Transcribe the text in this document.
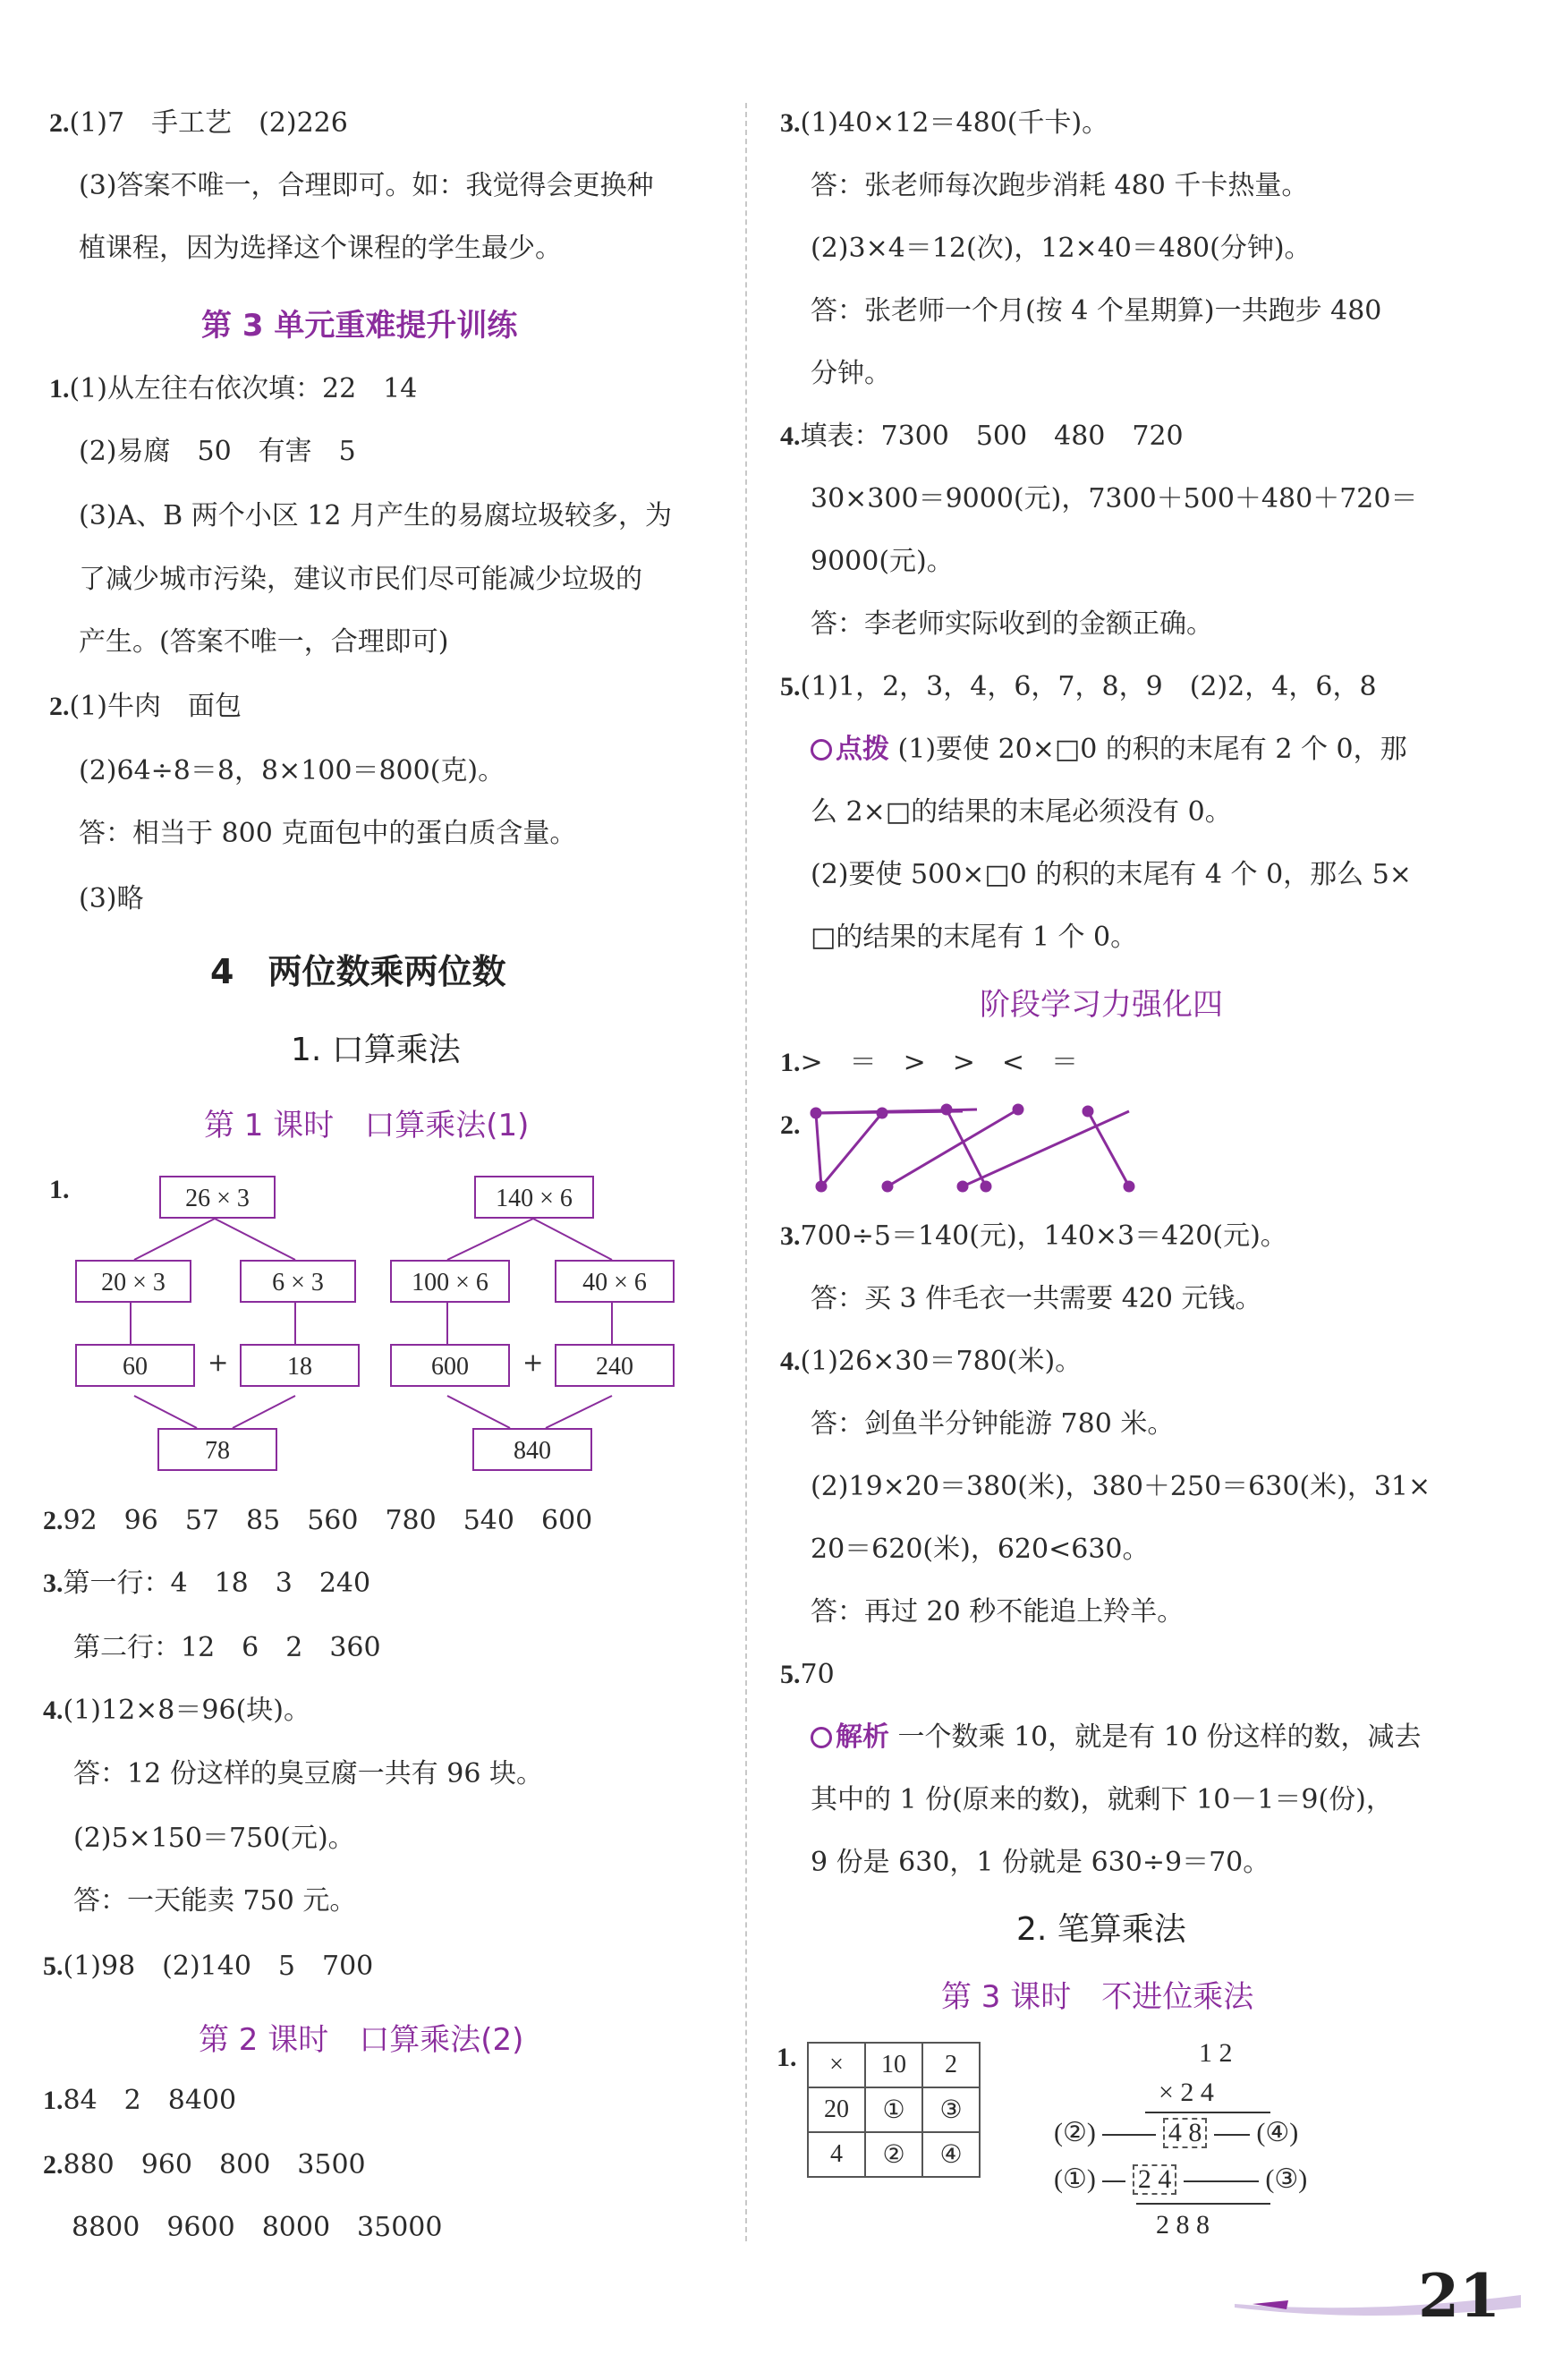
2.(1)7　手工艺　(2)226
(3)答案不唯一，合理即可。如：我觉得会更换种
植课程，因为选择这个课程的学生最少。
第 3 单元重难提升训练
1.(1)从左往右依次填：22　14
(2)易腐　50　有害　5
(3)A、B 两个小区 12 月产生的易腐垃圾较多，为
了减少城市污染，建议市民们尽可能减少垃圾的
产生。(答案不唯一，合理即可)
2.(1)牛肉　面包
(2)64÷8＝8，8×100＝800(克)。
答：相当于 800 克面包中的蛋白质含量。
(3)略
4　两位数乘两位数
1. 口算乘法
第 1 课时　口算乘法(1)
1.	26 × 3
20 × 3	6 × 3
60	+	18
78
140 × 6
100 × 6	40 × 6
600	+	240
840
2.92　96　57　85　560　780　540　600
3.第一行：4　18　3　240
第二行：12　6　2　360
4.(1)12×8＝96(块)。
答：12 份这样的臭豆腐一共有 96 块。
(2)5×150＝750(元)。
答：一天能卖 750 元。
5.(1)98　(2)140　5　700
第 2 课时　口算乘法(2)
1.84　2　8400
2.880　960　800　3500
8800　9600　8000　35000
3.(1)40×12＝480(千卡)。
答：张老师每次跑步消耗 480 千卡热量。
(2)3×4＝12(次)，12×40＝480(分钟)。
答：张老师一个月(按 4 个星期算)一共跑步 480
分钟。
4.填表：7300　500　480　720
30×300＝9000(元)，7300＋500＋480＋720＝
9000(元)。
答：李老师实际收到的金额正确。
5.(1)1，2，3，4，6，7，8，9　(2)2，4，6，8
点拨 (1)要使 20×□0 的积的末尾有 2 个 0，那
么 2×□的结果的末尾必须没有 0。
(2)要使 500×□0 的积的末尾有 4 个 0，那么 5×
□的结果的末尾有 1 个 0。
阶段学习力强化四
1.>　＝　>　>　<　＝
2.
3.700÷5＝140(元)，140×3＝420(元)。
答：买 3 件毛衣一共需要 420 元钱。
4.(1)26×30＝780(米)。
答：剑鱼半分钟能游 780 米。
(2)19×20＝380(米)，380＋250＝630(米)，31×
20＝620(米)，620<630。
答：再过 20 秒不能追上羚羊。
5.70
解析 一个数乘 10，就是有 10 份这样的数，减去
其中的 1 份(原来的数)，就剩下 10－1＝9(份)，
9 份是 630，1 份就是 630÷9＝70。
2. 笔算乘法
第 3 课时　不进位乘法
1. ×	10	2
20	①	③
4	②	④
1 2
× 2 4
(②)	4 8 (④)
(①) 2 4	(③)
2 8 8
21
